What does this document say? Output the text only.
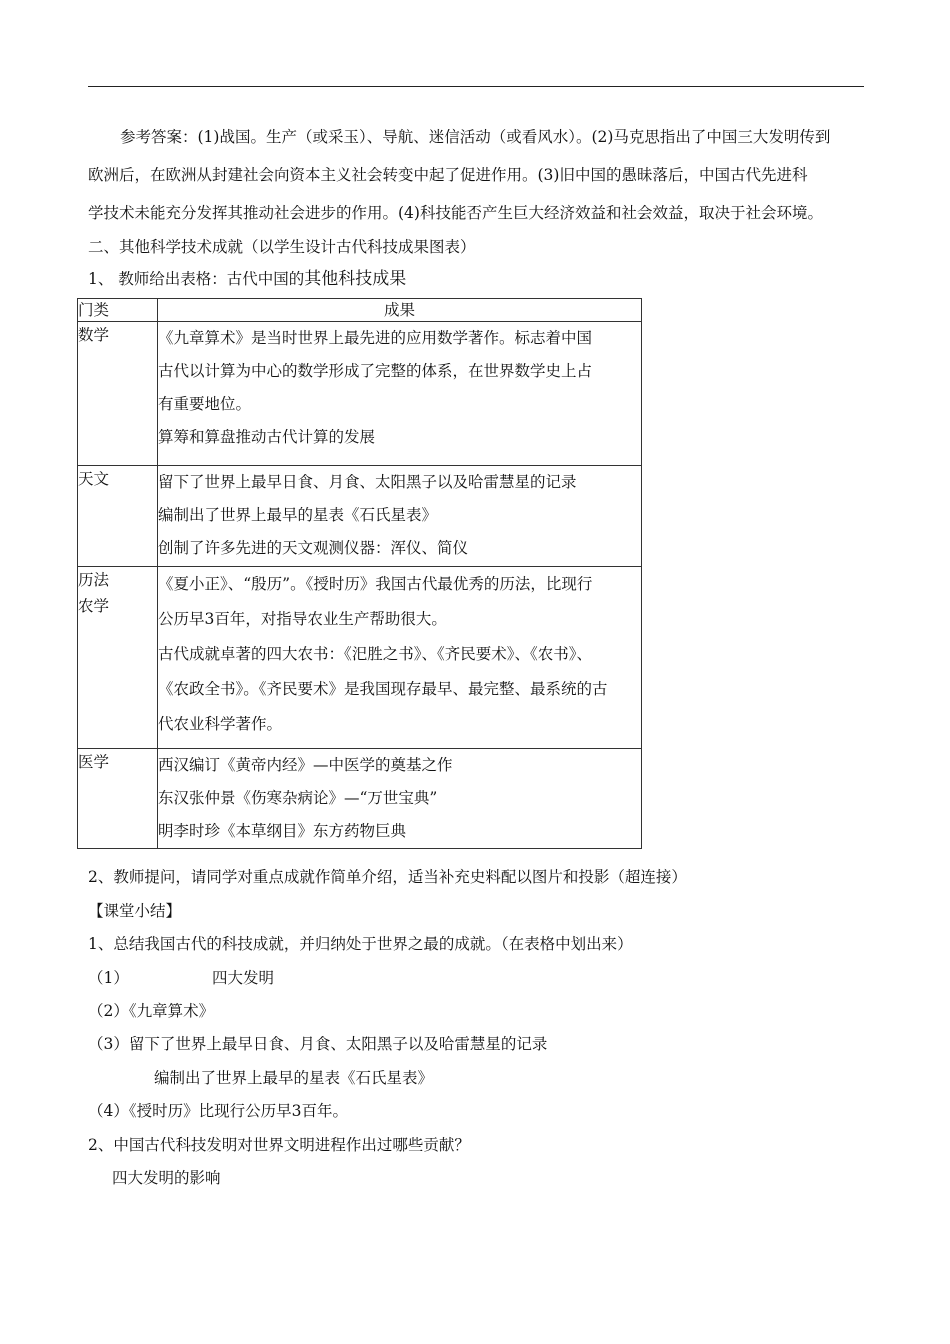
参考答案：(1)战国。生产（或采玉）、导航、迷信活动（或看风水）。(2)马克思指出了中国三大发明传到
欧洲后，在欧洲从封建社会向资本主义社会转变中起了促进作用。(3)旧中国的愚昧落后，中国古代先进科
学技术未能充分发挥其推动社会进步的作用。(4)科技能否产生巨大经济效益和社会效益，取决于社会环境。
二、其他科学技术成就（以学生设计古代科技成果图表）
1、 教师给出表格：古代中国的其他科技成果
门类	成果

数学	《九章算术》是当时世界上最先进的应用数学著作。标志着中国
古代以计算为中心的数学形成了完整的体系，在世界数学史上占
有重要地位。
算筹和算盘推动古代计算的发展

天文	留下了世界上最早日食、月食、太阳黑子以及哈雷慧星的记录
编制出了世界上最早的星表《石氏星表》
创制了许多先进的天文观测仪器：浑仪、简仪

历法
农学	《夏小正》、“殷历”。《授时历》我国古代最优秀的历法，比现行
公历早3百年，对指导农业生产帮助很大。
古代成就卓著的四大农书：《汜胜之书》、《齐民要术》、《农书》、
《农政全书》。《齐民要术》是我国现存最早、最完整、最系统的古
代农业科学著作。

医学	西汉编订《黄帝内经》—中医学的奠基之作
东汉张仲景《伤寒杂病论》—“万世宝典”
明李时珍《本草纲目》东方药物巨典
2、教师提问，请同学对重点成就作简单介绍，适当补充史料配以图片和投影（超连接）
【课堂小结】
1、总结我国古代的科技成就，并归纳处于世界之最的成就。（在表格中划出来）
（1）	四大发明
（2）《九章算术》
（3）留下了世界上最早日食、月食、太阳黑子以及哈雷慧星的记录
编制出了世界上最早的星表《石氏星表》
（4）《授时历》比现行公历早3百年。
2、中国古代科技发明对世界文明进程作出过哪些贡献？
四大发明的影响
